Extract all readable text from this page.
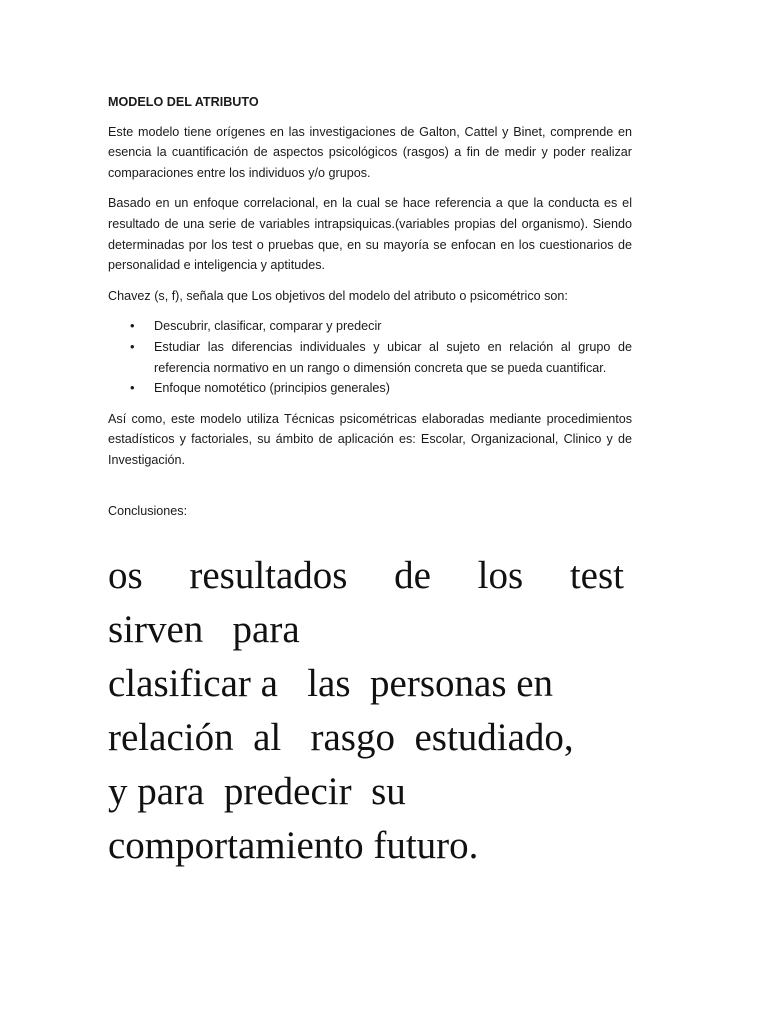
MODELO DEL ATRIBUTO

Este modelo tiene orígenes en las investigaciones de Galton, Cattel y Binet, comprende en esencia la cuantificación de aspectos psicológicos (rasgos) a fin de medir y poder realizar comparaciones entre los individuos y/o grupos.

Basado en un enfoque correlacional, en la cual se hace referencia a que la conducta es el resultado de una serie de variables intrapsiquicas.(variables propias del organismo). Siendo determinadas por los test o pruebas que, en su mayoría se enfocan en los cuestionarios de personalidad e inteligencia y aptitudes.

Chavez (s, f), señala que Los objetivos del modelo del atributo o psicométrico son:

• Descubrir, clasificar, comparar y predecir
• Estudiar las diferencias individuales y ubicar al sujeto en relación al grupo de referencia normativo en un rango o dimensión concreta que se pueda cuantificar.
• Enfoque nomotético (principios generales)

Así como, este modelo utiliza Técnicas psicométricas elaboradas mediante procedimientos estadísticos y factoriales, su ámbito de aplicación es: Escolar, Organizacional, Clinico y de Investigación.

Conclusiones:

os resultados de los test
sirven   para
clasificar a   las  personas en
relación  al   rasgo  estudiado,
y para  predecir  su
comportamiento futuro.
